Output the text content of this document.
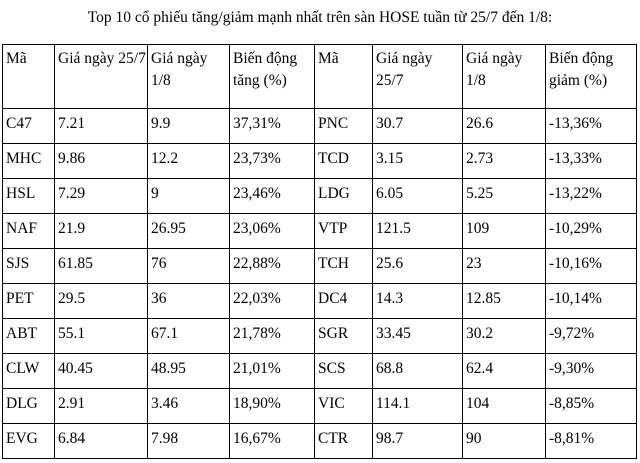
Top 10 cổ phiếu tăng/giảm mạnh nhất trên sàn HOSE tuần từ 25/7 đến 1/8:
Mã	Giá ngày 25/7	Giá ngày 1/8	Biến động tăng (%)	Mã	Giá ngày 25/7	Giá ngày 1/8	Biến động giảm (%)
C47	7.21	9.9	37,31%	PNC	30.7	26.6	-13,36%
MHC	9.86	12.2	23,73%	TCD	3.15	2.73	-13,33%
HSL	7.29	9	23,46%	LDG	6.05	5.25	-13,22%
NAF	21.9	26.95	23,06%	VTP	121.5	109	-10,29%
SJS	61.85	76	22,88%	TCH	25.6	23	-10,16%
PET	29.5	36	22,03%	DC4	14.3	12.85	-10,14%
ABT	55.1	67.1	21,78%	SGR	33.45	30.2	-9,72%
CLW	40.45	48.95	21,01%	SCS	68.8	62.4	-9,30%
DLG	2.91	3.46	18,90%	VIC	114.1	104	-8,85%
EVG	6.84	7.98	16,67%	CTR	98.7	90	-8,81%
